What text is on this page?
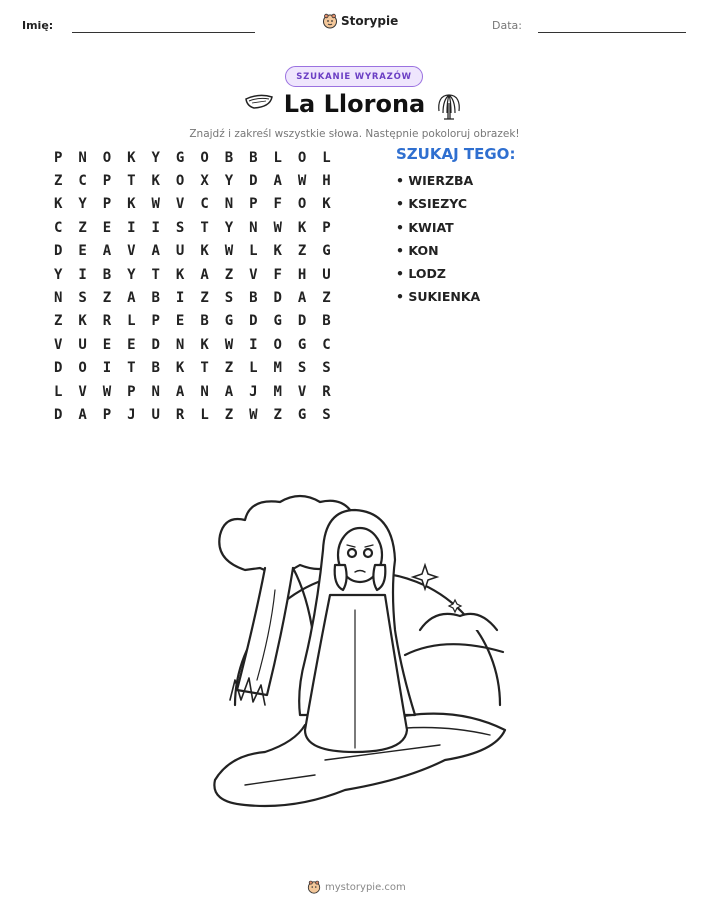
Imię:	Storypie	Data:
SZUKANIE WYRAZÓW
La Llorona
Znajdź i zakreśl wszystkie słowa. Następnie pokoloruj obrazek!
P	N	O	K	Y	G	O	B	B	L	O	L
Z	C	P	T	K	O	X	Y	D	A	W	H
K	Y	P	K	W	V	C	N	P	F	O	K
C	Z	E	I	I	S	T	Y	N	W	K	P
D	E	A	V	A	U	K	W	L	K	Z	G
Y	I	B	Y	T	K	A	Z	V	F	H	U
N	S	Z	A	B	I	Z	S	B	D	A	Z
Z	K	R	L	P	E	B	G	D	G	D	B
V	U	E	E	D	N	K	W	I	O	G	C
D	O	I	T	B	K	T	Z	L	M	S	S
L	V	W	P	N	A	N	A	J	M	V	R
D	A	P	J	U	R	L	Z	W	Z	G	S
SZUKAJ TEGO:
• WIERZBA
• KSIEZYC
• KWIAT
• KON
• LODZ
• SUKIENKA
mystorypie.com
